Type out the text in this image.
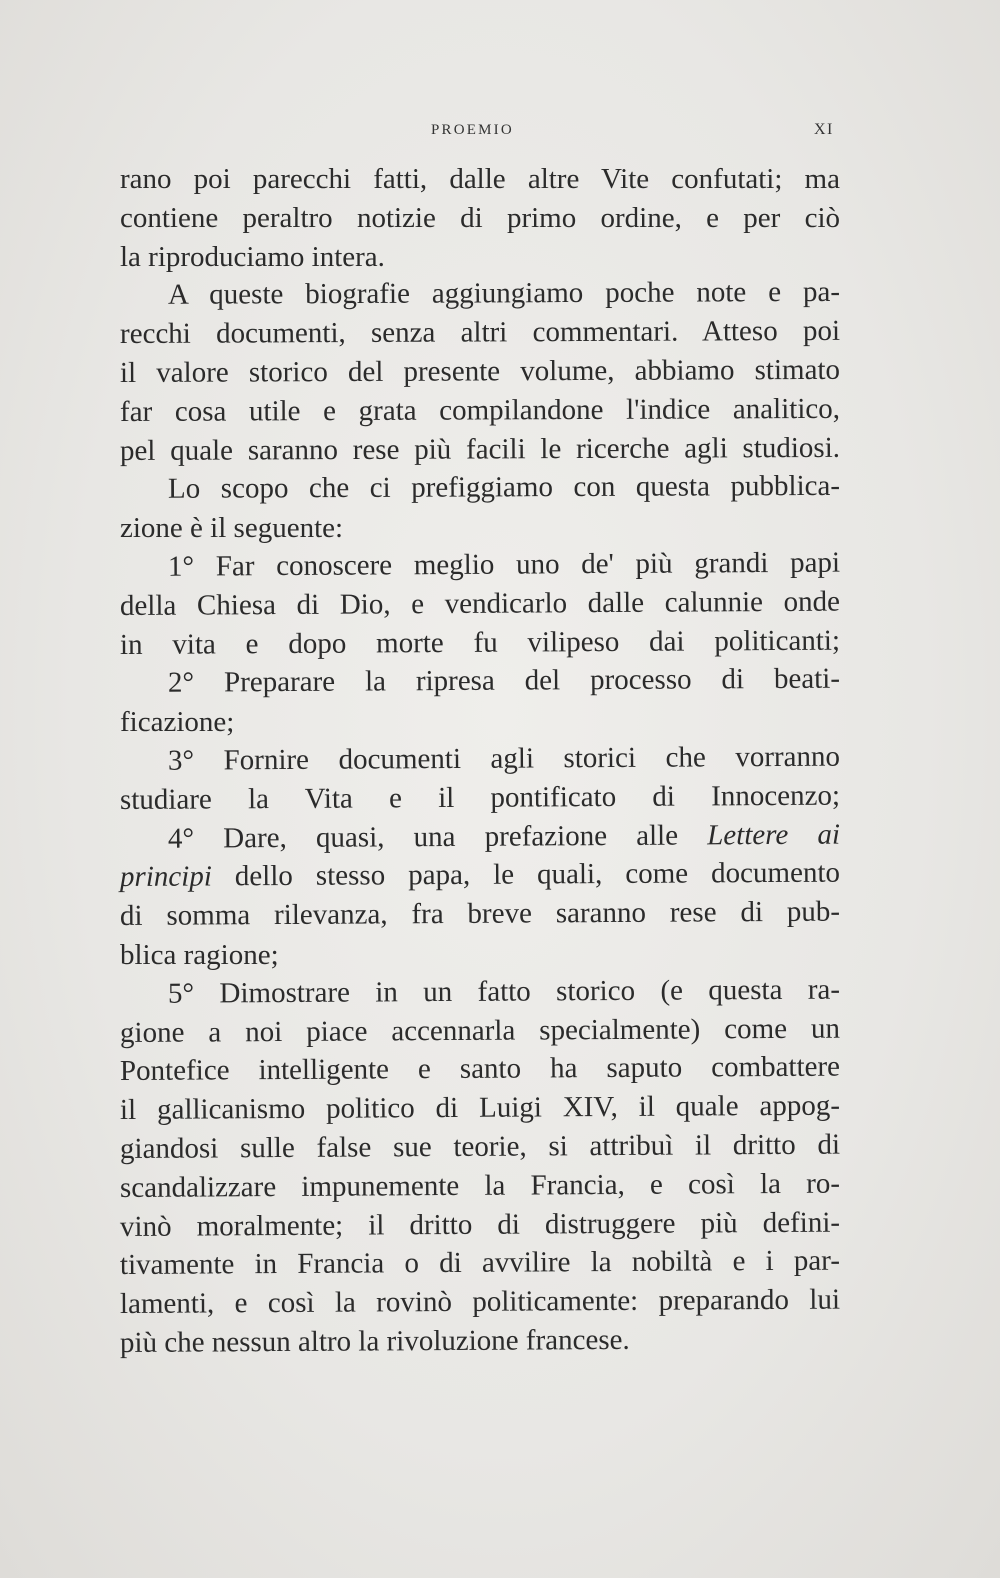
PROEMIO	XI
rano poi parecchi fatti, dalle altre Vite confutati; ma
contiene peraltro notizie di primo ordine, e per ciò
la riproduciamo intera.
A queste biografie aggiungiamo poche note e pa-
recchi documenti, senza altri commentari. Atteso poi
il valore storico del presente volume, abbiamo stimato
far cosa utile e grata compilandone l'indice analitico,
pel quale saranno rese più facili le ricerche agli studiosi.
Lo scopo che ci prefiggiamo con questa pubblica-
zione è il seguente:
1° Far conoscere meglio uno de' più grandi papi
della Chiesa di Dio, e vendicarlo dalle calunnie onde
in vita e dopo morte fu vilipeso dai politicanti;
2° Preparare la ripresa del processo di beati-
ficazione;
3° Fornire documenti agli storici che vorranno
studiare la Vita e il pontificato di Innocenzo;
4° Dare, quasi, una prefazione alle Lettere ai
principi dello stesso papa, le quali, come documento
di somma rilevanza, fra breve saranno rese di pub-
blica ragione;
5° Dimostrare in un fatto storico (e questa ra-
gione a noi piace accennarla specialmente) come un
Pontefice intelligente e santo ha saputo combattere
il gallicanismo politico di Luigi XIV, il quale appog-
giandosi sulle false sue teorie, si attribuì il dritto di
scandalizzare impunemente la Francia, e così la ro-
vinò moralmente; il dritto di distruggere più defini-
tivamente in Francia o di avvilire la nobiltà e i par-
lamenti, e così la rovinò politicamente: preparando lui
più che nessun altro la rivoluzione francese.
